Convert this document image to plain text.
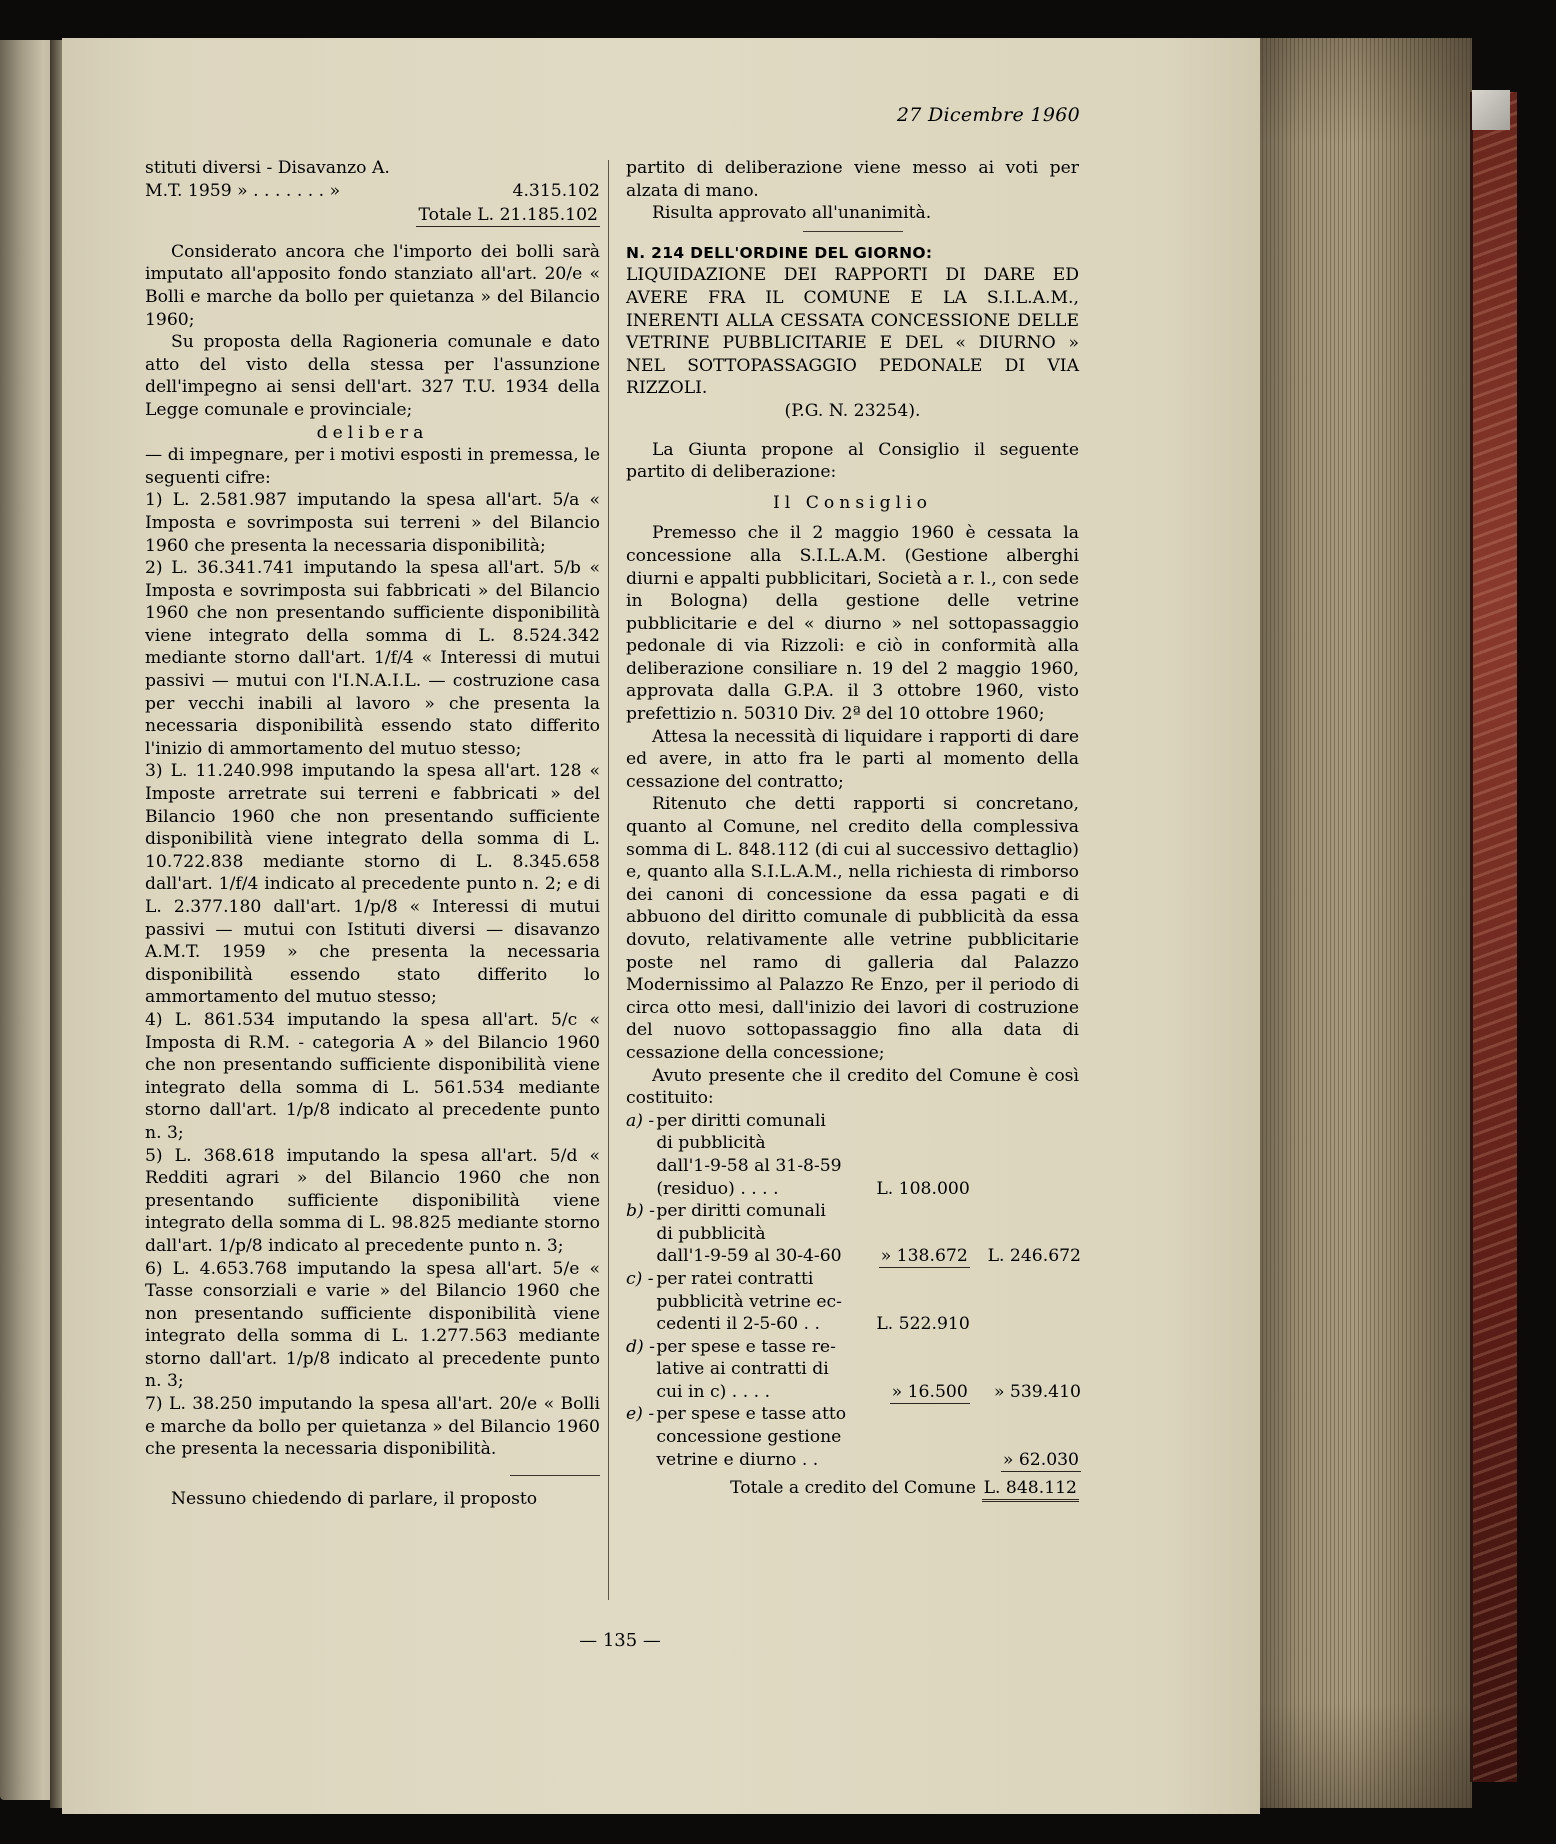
27 Dicembre 1960

stituti diversi - Disavanzo A.

M.T. 1959 » . . . . . . . »	4.315.102
Totale L. 21.185.102

Considerato ancora che l'importo dei bolli sarà imputato all'apposito fondo stanziato all'art. 20/e « Bolli e marche da bollo per quietanza » del Bilancio 1960;

Su proposta della Ragioneria comunale e dato atto del visto della stessa per l'assunzione dell'impegno ai sensi dell'art. 327 T.U. 1934 della Legge comunale e provinciale;

delibera

— di impegnare, per i motivi esposti in premessa, le seguenti cifre:

1) L. 2.581.987 imputando la spesa all'art. 5/a « Imposta e sovrimposta sui terreni » del Bilancio 1960 che presenta la necessaria disponibilità;

2) L. 36.341.741 imputando la spesa all'art. 5/b « Imposta e sovrimposta sui fabbricati » del Bilancio 1960 che non presentando sufficiente disponibilità viene integrato della somma di L. 8.524.342 mediante storno dall'art. 1/f/4 « Interessi di mutui passivi — mutui con l'I.N.A.I.L. — costruzione casa per vecchi inabili al lavoro » che presenta la necessaria disponibilità essendo stato differito l'inizio di ammortamento del mutuo stesso;

3) L. 11.240.998 imputando la spesa all'art. 128 « Imposte arretrate sui terreni e fabbricati » del Bilancio 1960 che non presentando sufficiente disponibilità viene integrato della somma di L. 10.722.838 mediante storno di L. 8.345.658 dall'art. 1/f/4 indicato al precedente punto n. 2; e di L. 2.377.180 dall'art. 1/p/8 « Interessi di mutui passivi — mutui con Istituti diversi — disavanzo A.M.T. 1959 » che presenta la necessaria disponibilità essendo stato differito lo ammortamento del mutuo stesso;

4) L. 861.534 imputando la spesa all'art. 5/c « Imposta di R.M. - categoria A » del Bilancio 1960 che non presentando sufficiente disponibilità viene integrato della somma di L. 561.534 mediante storno dall'art. 1/p/8 indicato al precedente punto n. 3;

5) L. 368.618 imputando la spesa all'art. 5/d « Redditi agrari » del Bilancio 1960 che non presentando sufficiente disponibilità viene integrato della somma di L. 98.825 mediante storno dall'art. 1/p/8 indicato al precedente punto n. 3;

6) L. 4.653.768 imputando la spesa all'art. 5/e « Tasse consorziali e varie » del Bilancio 1960 che non presentando sufficiente disponibilità viene integrato della somma di L. 1.277.563 mediante storno dall'art. 1/p/8 indicato al precedente punto n. 3;

7) L. 38.250 imputando la spesa all'art. 20/e « Bolli e marche da bollo per quietanza » del Bilancio 1960 che presenta la necessaria disponibilità.

Nessuno chiedendo di parlare, il proposto

partito di deliberazione viene messo ai voti per alzata di mano.

Risulta approvato all'unanimità.

N. 214 DELL'ORDINE DEL GIORNO:

LIQUIDAZIONE DEI RAPPORTI DI DARE ED AVERE FRA IL COMUNE E LA S.I.L.A.M., INERENTI ALLA CESSATA CONCESSIONE DELLE VETRINE PUBBLICITARIE E DEL « DIURNO » NEL SOTTOPASSAGGIO PEDONALE DI VIA RIZZOLI.

(P.G. N. 23254).

La Giunta propone al Consiglio il seguente partito di deliberazione:

Il Consiglio

Premesso che il 2 maggio 1960 è cessata la concessione alla S.I.L.A.M. (Gestione alberghi diurni e appalti pubblicitari, Società a r. l., con sede in Bologna) della gestione delle vetrine pubblicitarie e del « diurno » nel sottopassaggio pedonale di via Rizzoli: e ciò in conformità alla deliberazione consiliare n. 19 del 2 maggio 1960, approvata dalla G.P.A. il 3 ottobre 1960, visto prefettizio n. 50310 Div. 2ª del 10 ottobre 1960;

Attesa la necessità di liquidare i rapporti di dare ed avere, in atto fra le parti al momento della cessazione del contratto;

Ritenuto che detti rapporti si concretano, quanto al Comune, nel credito della complessiva somma di L. 848.112 (di cui al successivo dettaglio) e, quanto alla S.I.L.A.M., nella richiesta di rimborso dei canoni di concessione da essa pagati e di abbuono del diritto comunale di pubblicità da essa dovuto, relativamente alle vetrine pubblicitarie poste nel ramo di galleria dal Palazzo Modernissimo al Palazzo Re Enzo, per il periodo di circa otto mesi, dall'inizio dei lavori di costruzione del nuovo sottopassaggio fino alla data di cessazione della concessione;

Avuto presente che il credito del Comune è così costituito:

a) -	per diritti comunali		
	di pubblicità		
	dall'1-9-58 al 31-8-59		
	(residuo) . . . .	L. 108.000	
b) -	per diritti comunali		
	di pubblicità		
	dall'1-9-59 al 30-4-60	» 138.672	L. 246.672
c) -	per ratei contratti		
	pubblicità vetrine ec-		
	cedenti il 2-5-60 . .	L. 522.910	
d) -	per spese e tasse re-		
	lative ai contratti di		
	cui in c) . . . .	» 16.500	» 539.410
e) -	per spese e tasse atto		
	concessione gestione		
	vetrine e diurno . .		» 62.030
Totale a credito del Comune L. 848.112
— 135 —
